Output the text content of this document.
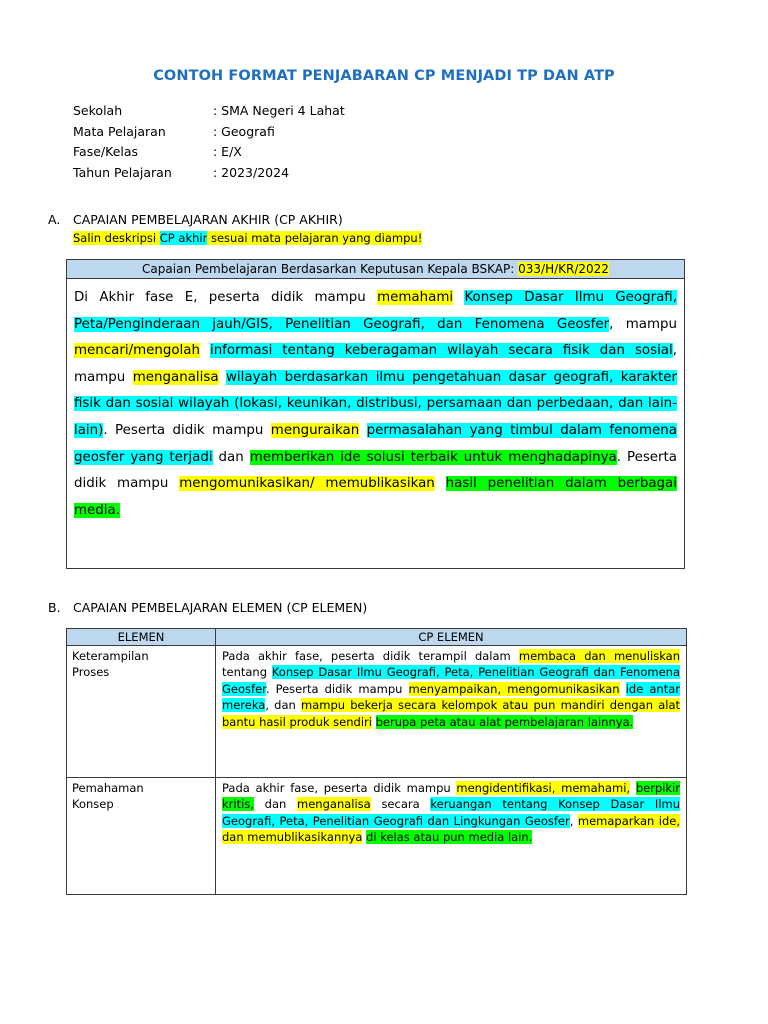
CONTOH FORMAT PENJABARAN CP MENJADI TP DAN ATP
Sekolah	: SMA Negeri 4 Lahat
Mata Pelajaran	: Geografi
Fase/Kelas	: E/X
Tahun Pelajaran	: 2023/2024
A.	CAPAIAN PEMBELAJARAN AKHIR (CP AKHIR)
Salin deskripsi CP akhir sesuai mata pelajaran yang diampu!
Capaian Pembelajaran Berdasarkan Keputusan Kepala BSKAP: 033/H/KR/2022
Di Akhir fase E, peserta didik mampu memahami Konsep Dasar Ilmu Geografi, Peta/Penginderaan jauh/GIS, Penelitian Geografi, dan Fenomena Geosfer, mampu mencari/mengolah informasi tentang keberagaman wilayah secara fisik dan sosial, mampu menganalisa wilayah berdasarkan ilmu pengetahuan dasar geografi, karakter fisik dan sosial wilayah (lokasi, keunikan, distribusi, persamaan dan perbedaan, dan lain-lain). Peserta didik mampu menguraikan permasalahan yang timbul dalam fenomena geosfer yang terjadi dan memberikan ide solusi terbaik untuk menghadapinya. Peserta didik mampu mengomunikasikan/ memublikasikan hasil penelitian dalam berbagai media.
B. CAPAIAN PEMBELAJARAN ELEMEN (CP ELEMEN)
ELEMEN	CP ELEMEN

Keterampilan
Proses	Pada akhir fase, peserta didik terampil dalam membaca dan menuliskan tentang Konsep Dasar Ilmu Geografi, Peta, Penelitian Geografi dan Fenomena Geosfer. Peserta didik mampu menyampaikan, mengomunikasikan ide antar mereka, dan mampu bekerja secara kelompok atau pun mandiri dengan alat bantu hasil produk sendiri berupa peta atau alat pembelajaran lainnya.

Pemahaman
Konsep	Pada akhir fase, peserta didik mampu mengidentifikasi, memahami, berpikir kritis, dan menganalisa secara keruangan tentang Konsep Dasar Ilmu Geografi, Peta, Penelitian Geografi dan Lingkungan Geosfer, memaparkan ide, dan memublikasikannya di kelas atau pun media lain.
